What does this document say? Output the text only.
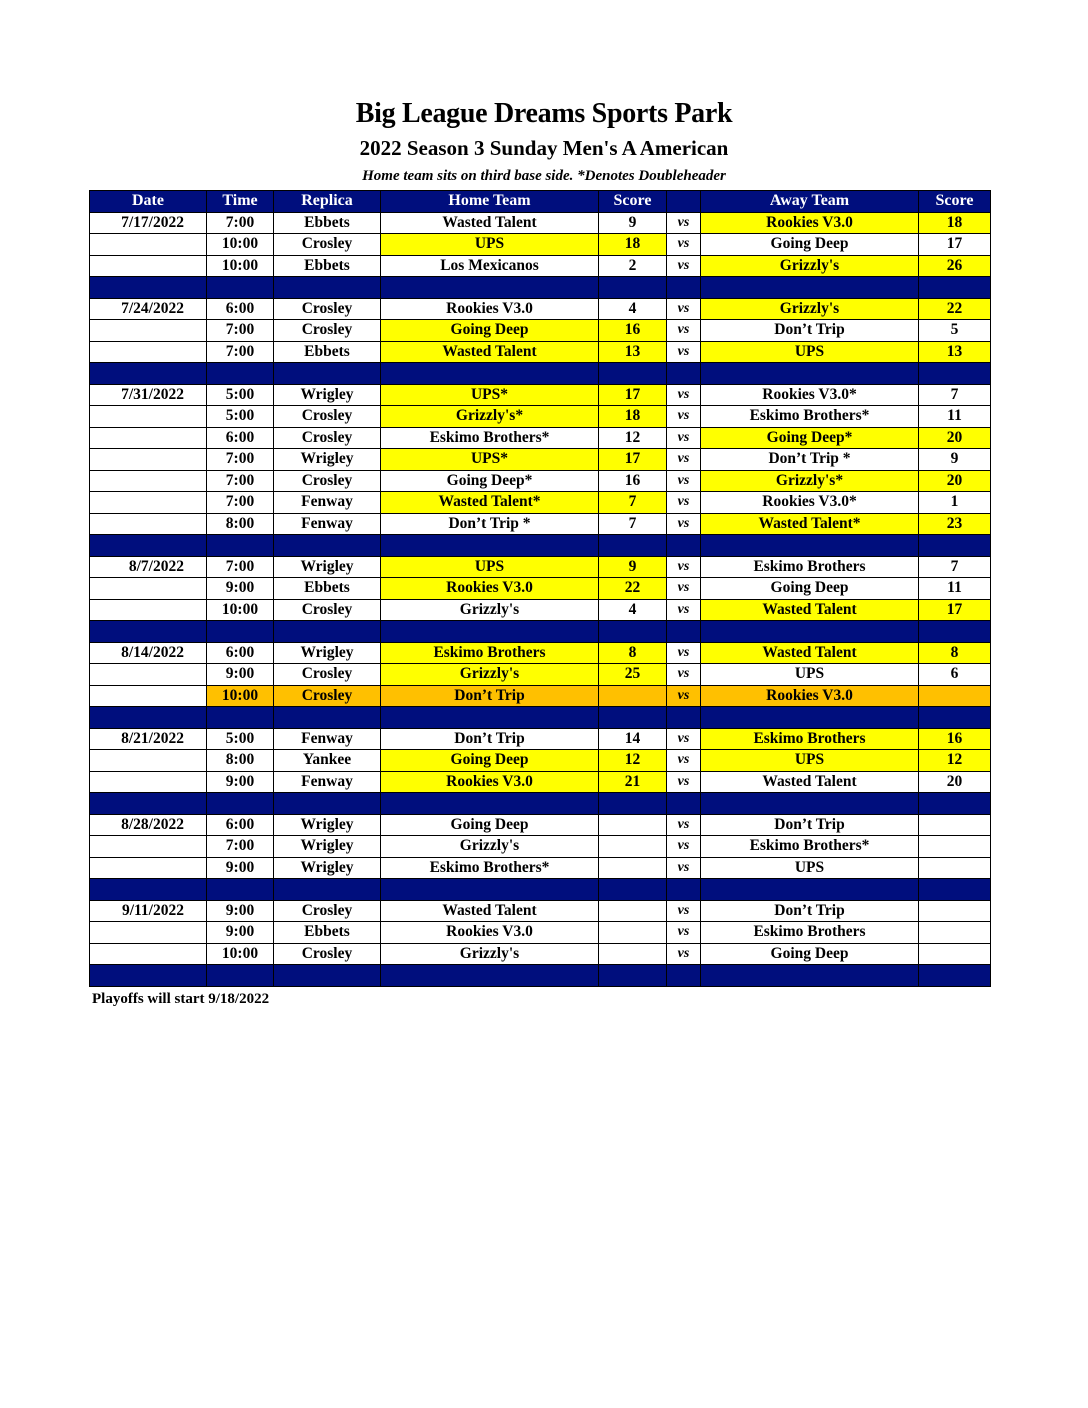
Big League Dreams Sports Park
2022 Season 3 Sunday Men's A American
Home team sits on third base side. *Denotes Doubleheader
Date	Time	Replica	Home Team	Score		Away Team	Score
7/17/2022	7:00	Ebbets	Wasted Talent	9	vs	Rookies V3.0	18
	10:00	Crosley	UPS	18	vs	Going Deep	17
	10:00	Ebbets	Los Mexicanos	2	vs	Grizzly's	26

7/24/2022	6:00	Crosley	Rookies V3.0	4	vs	Grizzly's	22
	7:00	Crosley	Going Deep	16	vs	Don’t Trip	5
	7:00	Ebbets	Wasted Talent	13	vs	UPS	13

7/31/2022	5:00	Wrigley	UPS*	17	vs	Rookies V3.0*	7
	5:00	Crosley	Grizzly's*	18	vs	Eskimo Brothers*	11
	6:00	Crosley	Eskimo Brothers*	12	vs	Going Deep*	20
	7:00	Wrigley	UPS*	17	vs	Don’t Trip *	9
	7:00	Crosley	Going Deep*	16	vs	Grizzly's*	20
	7:00	Fenway	Wasted Talent*	7	vs	Rookies V3.0*	1
	8:00	Fenway	Don’t Trip *	7	vs	Wasted Talent*	23

8/7/2022	7:00	Wrigley	UPS	9	vs	Eskimo Brothers	7
	9:00	Ebbets	Rookies V3.0	22	vs	Going Deep	11
	10:00	Crosley	Grizzly's	4	vs	Wasted Talent	17

8/14/2022	6:00	Wrigley	Eskimo Brothers	8	vs	Wasted Talent	8
	9:00	Crosley	Grizzly's	25	vs	UPS	6
	10:00	Crosley	Don’t Trip		vs	Rookies V3.0	

8/21/2022	5:00	Fenway	Don’t Trip	14	vs	Eskimo Brothers	16
	8:00	Yankee	Going Deep	12	vs	UPS	12
	9:00	Fenway	Rookies V3.0	21	vs	Wasted Talent	20

8/28/2022	6:00	Wrigley	Going Deep		vs	Don’t Trip	
	7:00	Wrigley	Grizzly's		vs	Eskimo Brothers*	
	9:00	Wrigley	Eskimo Brothers*		vs	UPS	

9/11/2022	9:00	Crosley	Wasted Talent		vs	Don’t Trip	
	9:00	Ebbets	Rookies V3.0		vs	Eskimo Brothers	
	10:00	Crosley	Grizzly's		vs	Going Deep	

Playoffs will start 9/18/2022
